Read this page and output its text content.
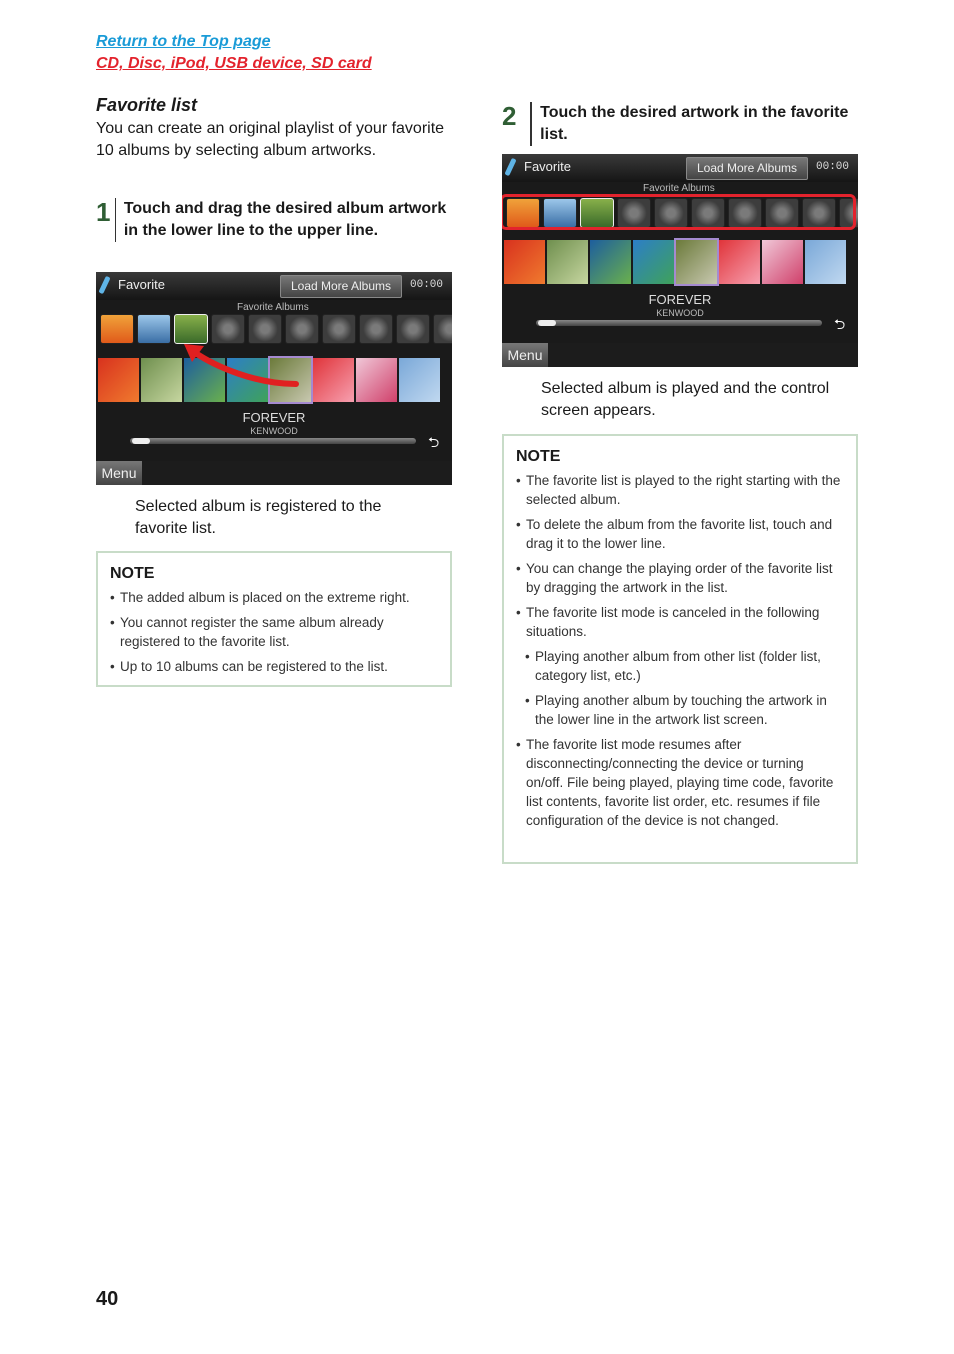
Return to the Top page
CD, Disc, iPod, USB device, SD card
Favorite list
You can create an original playlist of your favorite 10 albums by selecting album artworks.
1 Touch and drag the desired album artwork in the lower line to the upper line.
Favorite	Load More Albums	00:00
Favorite Albums
FOREVER
KENWOOD
⮌
Menu
Selected album is registered to the favorite list.
NOTE
• The added album is placed on the extreme right.
• You cannot register the same album already registered to the favorite list.
• Up to 10 albums can be registered to the list.
2	Touch the desired artwork in the favorite list.
Favorite	Load More Albums	00:00
Favorite Albums
FOREVER
KENWOOD
⮌
Menu
Selected album is played and the control screen appears.
NOTE
• The favorite list is played to the right starting with the selected album.
• To delete the album from the favorite list, touch and drag it to the lower line.
• You can change the playing order of the favorite list by dragging the artwork in the list.
• The favorite list mode is canceled in the following situations.
• Playing another album from other list (folder list, category list, etc.)
• Playing another album by touching the artwork in the lower line in the artwork list screen.
• The favorite list mode resumes after disconnecting/connecting the device or turning on/off. File being played, playing time code, favorite list contents, favorite list order, etc. resumes if file configuration of the device is not changed.
40
